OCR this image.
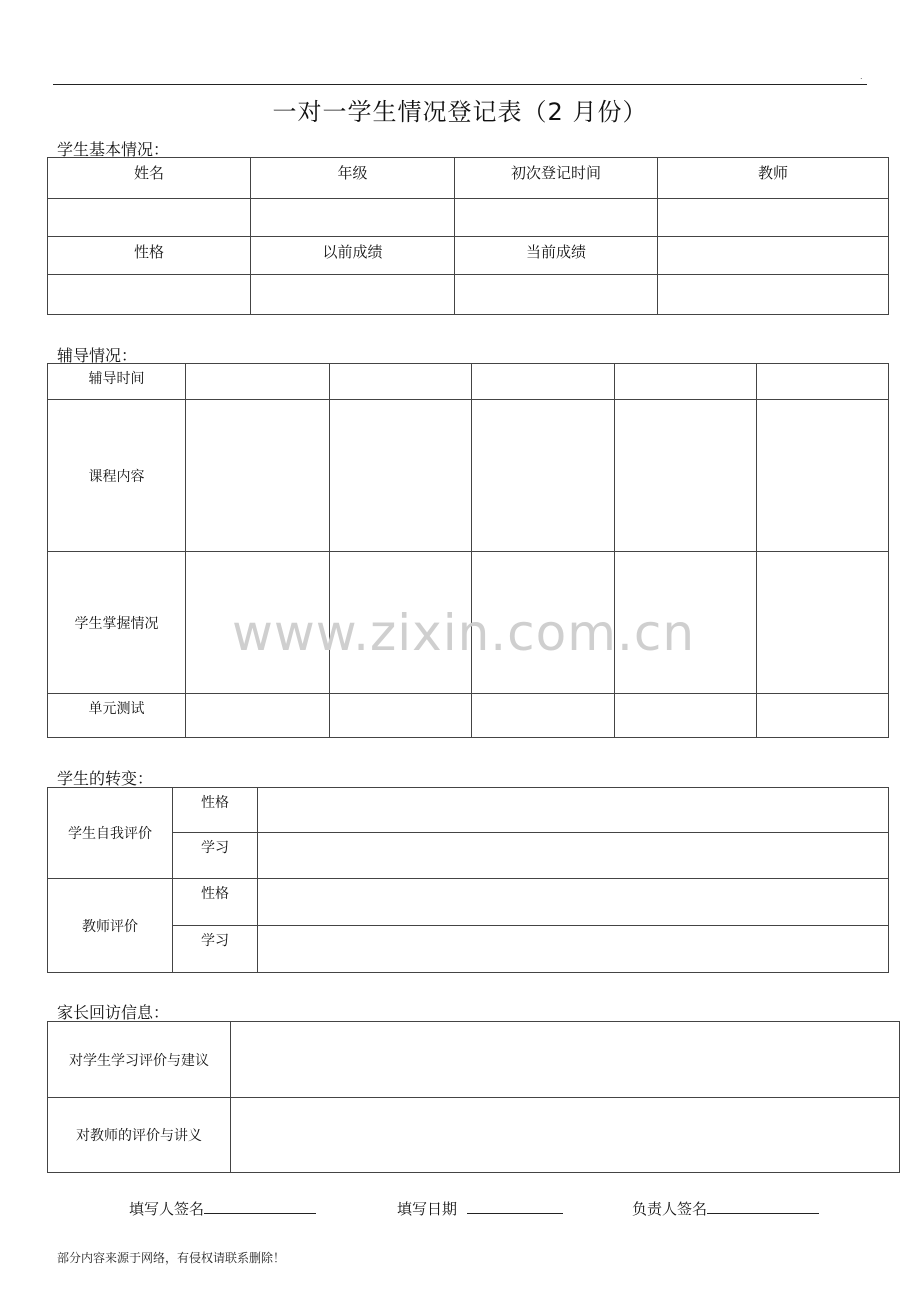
.
一对一学生情况登记表（2 月份）
学生基本情况：
姓名	年级	初次登记时间	教师

性格	以前成绩	当前成绩	

辅导情况：
辅导时间					
课程内容					
学生掌握情况					
单元测试					
学生的转变：
学生自我评价	性格	
	学习	
教师评价	性格	
	学习	
家长回访信息：
对学生学习评价与建议	
对教师的评价与讲义	
填写人签名	填写日期	负责人签名
www.zixin.com.cn
部分内容来源于网络，有侵权请联系删除！
